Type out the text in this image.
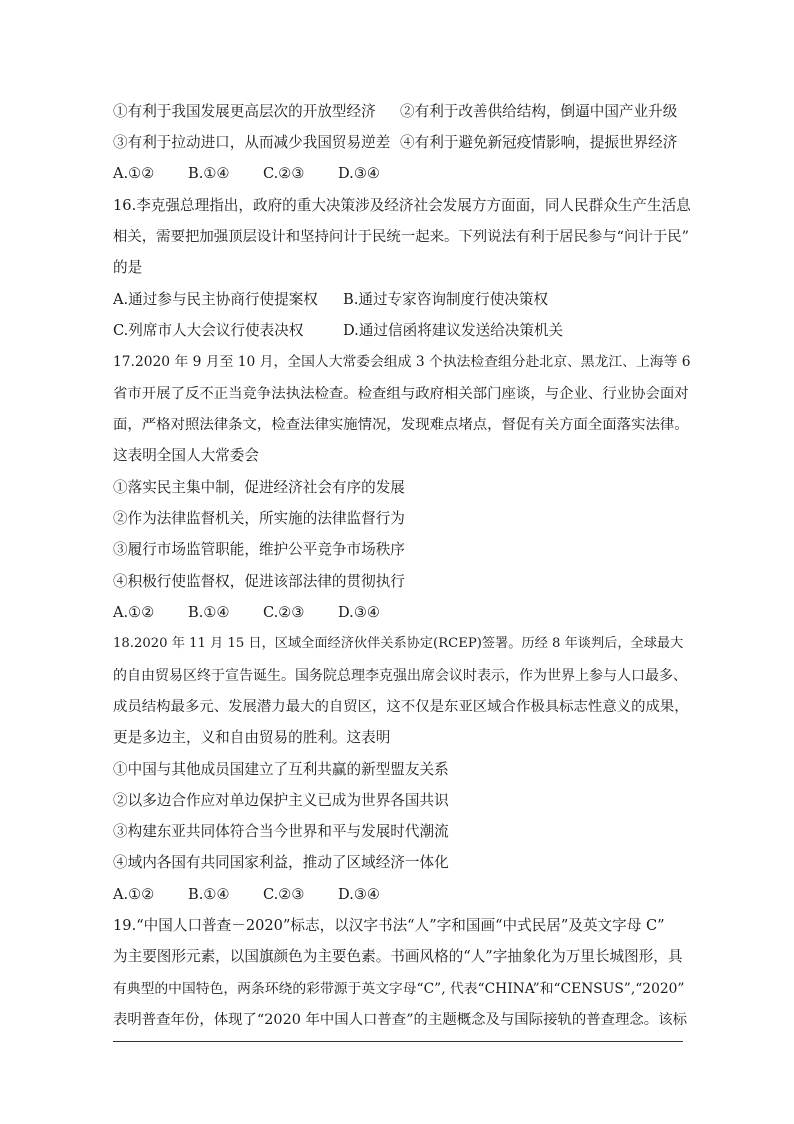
①有利于我国发展更高层次的开放型经济	②有利于改善供给结构，倒逼中国产业升级
③有利于拉动进口，从而减少我国贸易逆差 ④有利于避免新冠疫情影响，提振世界经济
A.①②	B.①④	C.②③	D.③④
16.李克强总理指出，政府的重大决策涉及经济社会发展方方面面，同人民群众生产生活息
相关，需要把加强顶层设计和坚持问计于民统一起来。下列说法有利于居民参与“问计于民”
的是
A.通过参与民主协商行使提案权	B.通过专家咨询制度行使决策权
C.列席市人大会议行使表决权	D.通过信函将建议发送给决策机关
17.2020 年 9 月至 10 月，全国人大常委会组成 3 个执法检查组分赴北京、黑龙江、上海等 6
省市开展了反不正当竞争法执法检查。检查组与政府相关部门座谈，与企业、行业协会面对
面，严格对照法律条文，检查法律实施情况，发现难点堵点，督促有关方面全面落实法律。
这表明全国人大常委会
①落实民主集中制，促进经济社会有序的发展
②作为法律监督机关，所实施的法律监督行为
③履行市场监管职能，维护公平竞争市场秩序
④积极行使监督权，促进该部法律的贯彻执行
A.①②	B.①④	C.②③	D.③④
18.2020 年 11 月 15 日，区域全面经济伙伴关系协定(RCEP)签署。历经 8 年谈判后，全球最大
的自由贸易区终于宣告诞生。国务院总理李克强出席会议时表示，作为世界上参与人口最多、
成员结构最多元、发展潜力最大的自贸区，这不仅是东亚区域合作极具标志性意义的成果，
更是多边主，义和自由贸易的胜利。这表明
①中国与其他成员国建立了互利共赢的新型盟友关系
②以多边合作应对单边保护主义已成为世界各国共识
③构建东亚共同体符合当今世界和平与发展时代潮流
④域内各国有共同国家利益，推动了区域经济一体化
A.①②	B.①④	C.②③	D.③④
19.“中国人口普查－2020”标志，以汉字书法“人”字和国画“中式民居”及英文字母 C”
为主要图形元素，以国旗颜色为主要色素。书画风格的“人”字抽象化为万里长城图形，具
有典型的中国特色，两条环绕的彩带源于英文字母“C”, 代表“CHINA”和“CENSUS”,“2020”
表明普查年份，体现了“2020 年中国人口普查”的主题概念及与国际接轨的普查理念。该标
